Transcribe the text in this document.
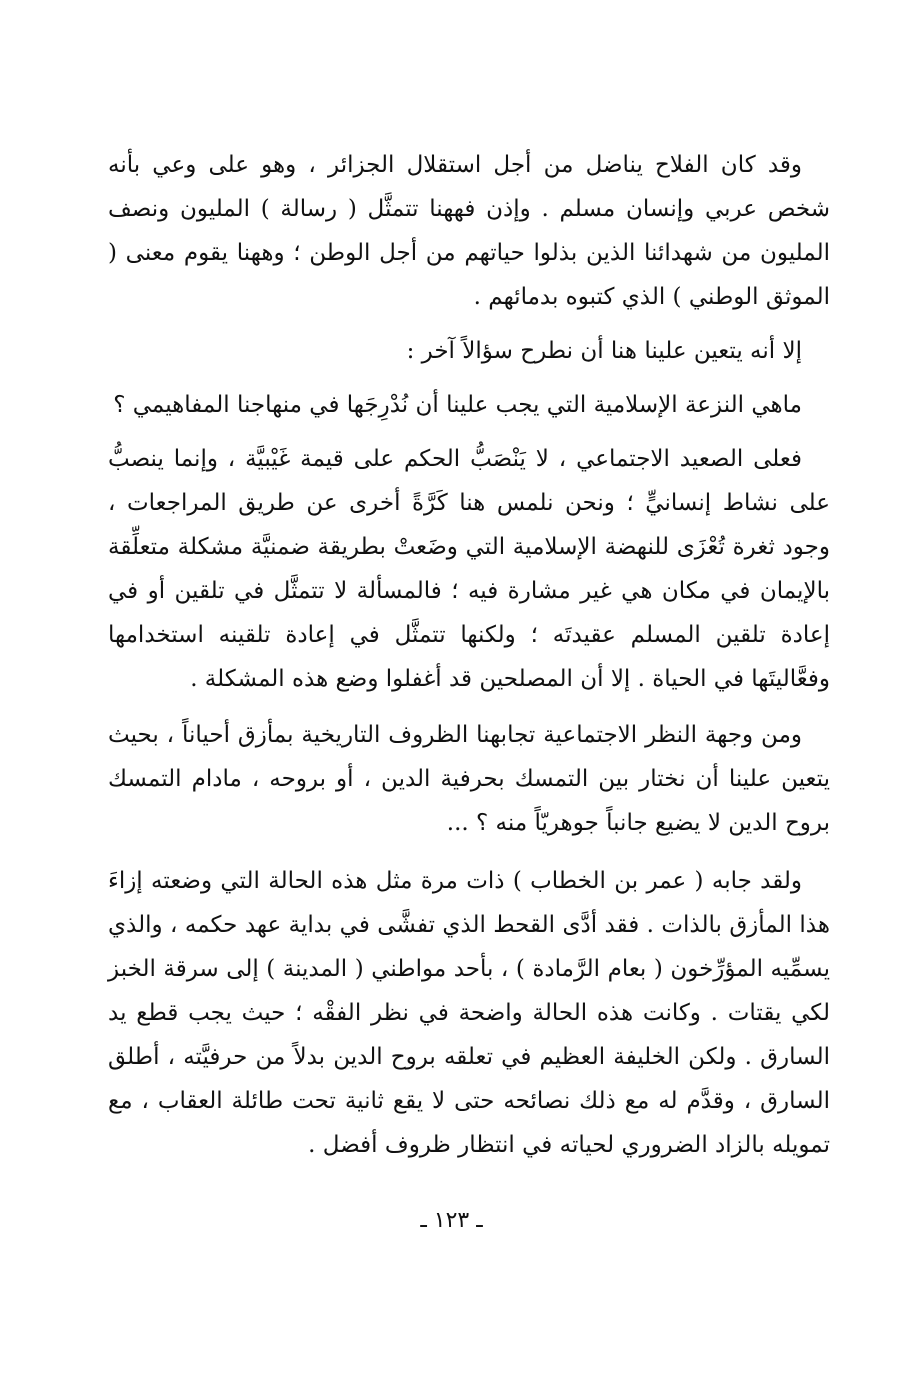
وقد كان الفلاح يناضل من أجل استقلال الجزائر ، وهو على وعي بأنه شخص عربي وإنسان مسلم . وإذن فههنا تتمثَّل ( رسالة ) المليون ونصف المليون من شهدائنا الذين بذلوا حياتهم من أجل الوطن ؛ وههنا يقوم معنى ( الموثق الوطني ) الذي كتبوه بدمائهم .

إلا أنه يتعين علينا هنا أن نطرح سؤالاً آخر :

ماهي النزعة الإسلامية التي يجب علينا أن نُدْرِجَها في منهاجنا المفاهيمي ؟

فعلى الصعيد الاجتماعي ، لا يَنْصَبُّ الحكم على قيمة غَيْبيَّة ، وإنما ينصبُّ على نشاط إنسانيٍّ ؛ ونحن نلمس هنا كَرَّةً أخرى عن طريق المراجعات ، وجود ثغرة تُعْزَى للنهضة الإسلامية التي وضَعتْ بطريقة ضمنيَّة مشكلة متعلِّقة بالإيمان في مكان هي غير مشارة فيه ؛ فالمسألة لا تتمثَّل في تلقين أو في إعادة تلقين المسلم عقيدتَه ؛ ولكنها تتمثَّل في إعادة تلقينه استخدامها وفعَّاليتَها في الحياة . إلا أن المصلحين قد أغفلوا وضع هذه المشكلة .

ومن وجهة النظر الاجتماعية تجابهنا الظروف التاريخية بمأزق أحياناً ، بحيث يتعين علينا أن نختار بين التمسك بحرفية الدين ، أو بروحه ، مادام التمسك بروح الدين لا يضيع جانباً جوهريّاً منه ؟ ...

ولقد جابه ( عمر بن الخطاب ) ذات مرة مثل هذه الحالة التي وضعته إزاءَ هذا المأزق بالذات . فقد أدَّى القحط الذي تفشَّى في بداية عهد حكمه ، والذي يسمِّيه المؤرِّخون ( بعام الرَّمادة ) ، بأحد مواطني ( المدينة ) إلى سرقة الخبز لكي يقتات . وكانت هذه الحالة واضحة في نظر الفقْه ؛ حيث يجب قطع يد السارق . ولكن الخليفة العظيم في تعلقه بروح الدين بدلاً من حرفيَّته ، أطلق السارق ، وقدَّم له مع ذلك نصائحه حتى لا يقع ثانية تحت طائلة العقاب ، مع تمويله بالزاد الضروري لحياته في انتظار ظروف أفضل .

ـ ١٢٣ ـ
